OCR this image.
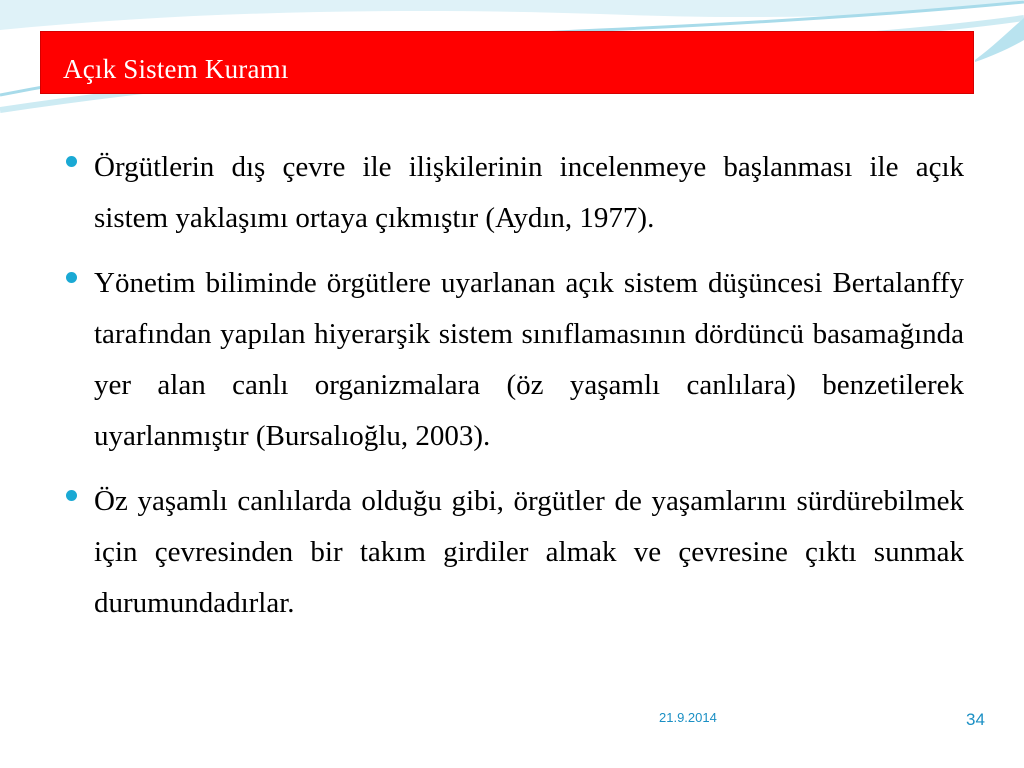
Açık Sistem Kuramı
Örgütlerin dış çevre ile ilişkilerinin incelenmeye başlanması ile açık sistem yaklaşımı ortaya çıkmıştır (Aydın, 1977).
Yönetim biliminde örgütlere uyarlanan açık sistem düşüncesi Bertalanffy tarafından yapılan hiyerarşik sistem sınıflamasının dördüncü basamağında yer alan canlı organizmalara (öz yaşamlı canlılara) benzetilerek uyarlanmıştır (Bursalıoğlu, 2003).
Öz yaşamlı canlılarda olduğu gibi, örgütler de yaşamlarını sürdürebilmek için çevresinden bir takım girdiler almak ve çevresine çıktı sunmak durumundadırlar.
21.9.2014	34
